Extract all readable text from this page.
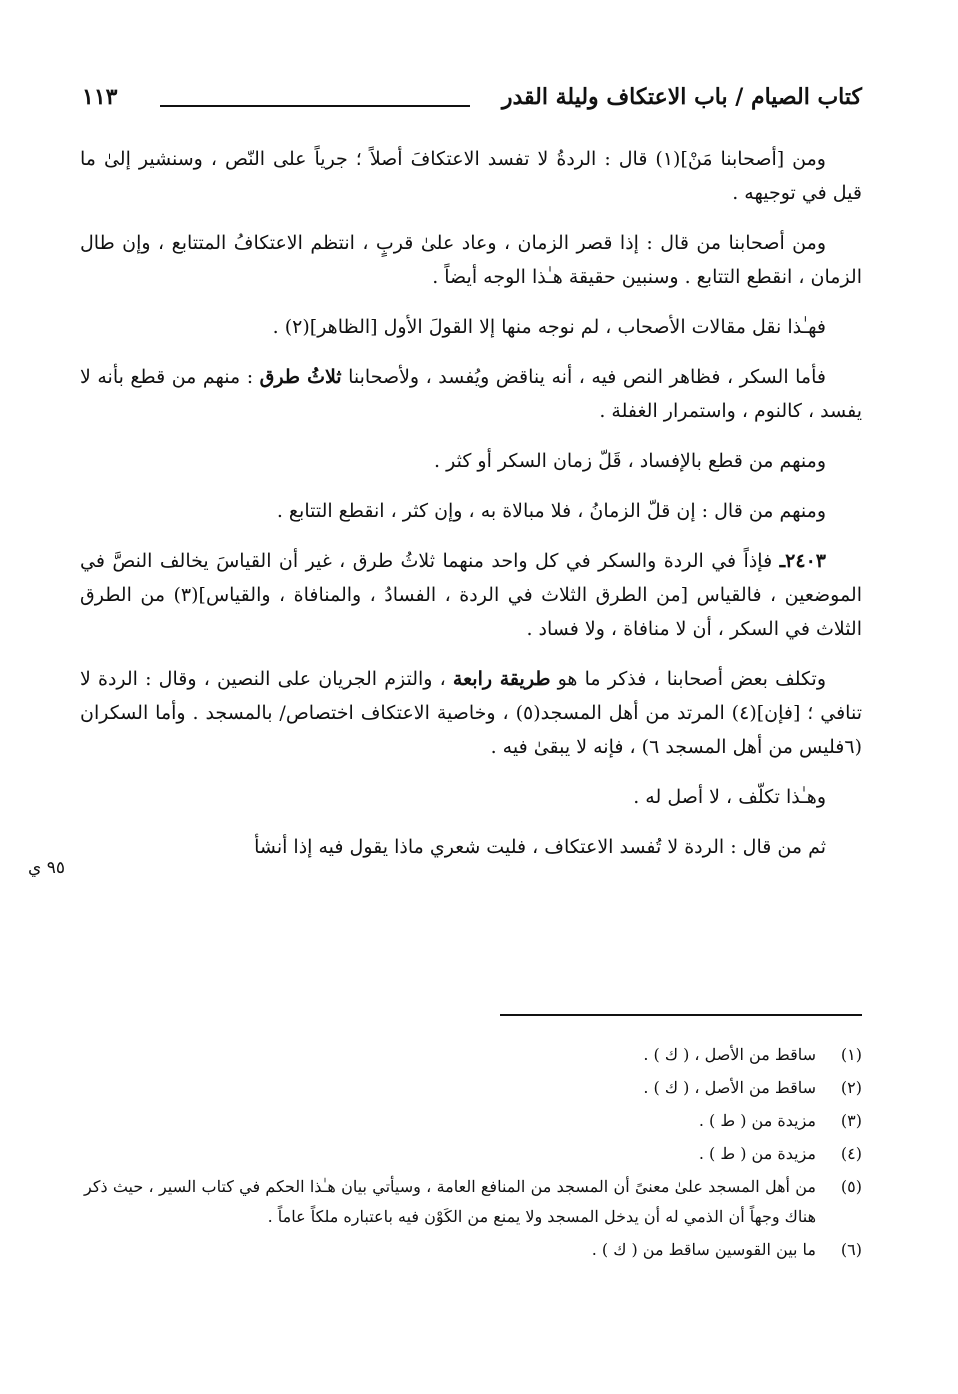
كتاب الصيام / باب الاعتكاف وليلة القدر
١١٣

ومن [أصحابنا مَنْ](١) قال : الردةُ لا تفسد الاعتكافَ أصلاً ؛ جرياً على النّص ، وسنشير إلىٰ ما قيل في توجيهه .

ومن أصحابنا من قال : إذا قصر الزمان ، وعاد علىٰ قربٍ ، انتظم الاعتكافُ المتتابع ، وإن طال الزمان ، انقطع التتابع . وسنبين حقيقة هـٰذا الوجه أيضاً .

فهـٰذا نقل مقالات الأصحاب ، لم نوجه منها إلا القولَ الأول [الظاهر](٢) .

فأما السكر ، فظاهر النص فيه ، أنه يناقض ويُفسد ، ولأصحابنا ثلاثُ طرق : منهم من قطع بأنه لا يفسد ، كالنوم ، واستمرار الغفلة .

ومنهم من قطع بالإفساد ، قَلّ زمان السكر أو كثر .

ومنهم من قال : إن قلّ الزمانُ ، فلا مبالاة به ، وإن كثر ، انقطع التتابع .

٢٤٠٣ـ فإذاً في الردة والسكر في كل واحد منهما ثلاثُ طرق ، غير أن القياسَ يخالف النصَّ في الموضعين ، فالقياس [من الطرق الثلاث في الردة ، الفسادُ ، والمنافاة ، والقياس](٣) من الطرق الثلاث في السكر ، أن لا منافاة ، ولا فساد .

وتكلف بعض أصحابنا ، فذكر ما هو طريقة رابعة ، والتزم الجريان على النصين ، وقال : الردة لا تنافي ؛ [فإن](٤) المرتد من أهل المسجد(٥) ، وخاصية الاعتكاف اختصاص/ بالمسجد . وأما السكران (٦فليس من أهل المسجد ٦) ، فإنه لا يبقىٰ فيه .

وهـٰذا تكلّف ، لا أصل له .

ثم من قال : الردة لا تُفسد الاعتكاف ، فليت شعري ماذا يقول فيه إذا أنشأ

٩٥ ي
(١)
ساقط من الأصل ، ( ك ) .
(٢)
ساقط من الأصل ، ( ك ) .
(٣)
مزيدة من ( ط ) .
(٤)
مزيدة من ( ط ) .
(٥)
من أهل المسجد علىٰ معنىً أن المسجد من المنافع العامة ، وسيأتي بيان هـٰذا الحكم في كتاب السير ، حيث ذكر هناك وجهاً أن الذمي له أن يدخل المسجد ولا يمنع من الكَوْن فيه باعتباره ملكاً عاماً .
(٦)
ما بين القوسين ساقط من ( ك ) .
